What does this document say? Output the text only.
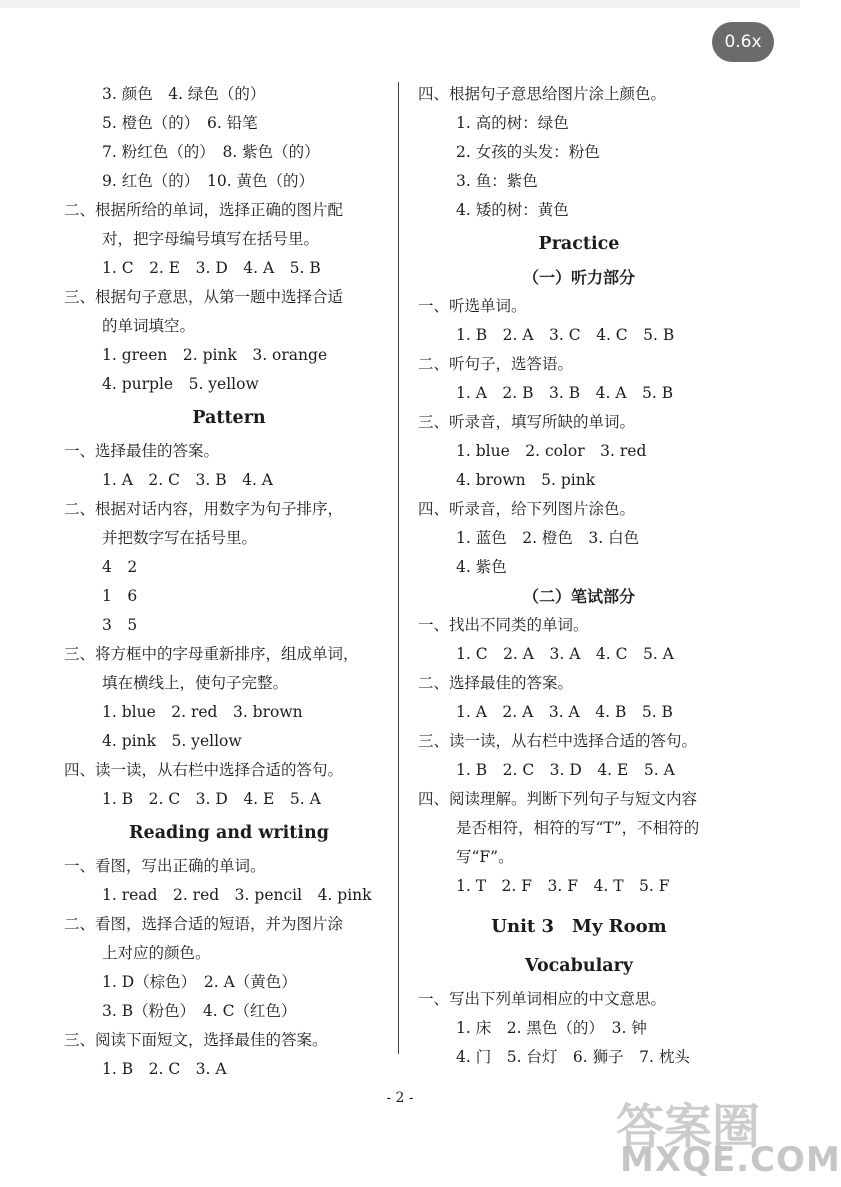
0.6x
3. 颜色　4. 绿色（的）
5. 橙色（的）　6. 铅笔
7. 粉红色（的）　8. 紫色（的）
9. 红色（的）　10. 黄色（的）
二、根据所给的单词，选择正确的图片配
对，把字母编号填写在括号里。
1. C　2. E　3. D　4. A　5. B
三、根据句子意思，从第一题中选择合适
的单词填空。
1. green　2. pink　3. orange
4. purple　5. yellow
Pattern
一、选择最佳的答案。
1. A　2. C　3. B　4. A
二、根据对话内容，用数字为句子排序，
并把数字写在括号里。
4　2
1　6
3　5
三、将方框中的字母重新排序，组成单词，
填在横线上，使句子完整。
1. blue　2. red　3. brown
4. pink　5. yellow
四、读一读，从右栏中选择合适的答句。
1. B　2. C　3. D　4. E　5. A
Reading and writing
一、看图，写出正确的单词。
1. read　2. red　3. pencil　4. pink
二、看图，选择合适的短语，并为图片涂
上对应的颜色。
1. D（棕色）　2. A（黄色）
3. B（粉色）　4. C（红色）
三、阅读下面短文，选择最佳的答案。
1. B　2. C　3. A
四、根据句子意思给图片涂上颜色。
1. 高的树：绿色
2. 女孩的头发：粉色
3. 鱼：紫色
4. 矮的树：黄色
Practice
（一）听力部分
一、听选单词。
1. B　2. A　3. C　4. C　5. B
二、听句子，选答语。
1. A　2. B　3. B　4. A　5. B
三、听录音，填写所缺的单词。
1. blue　2. color　3. red
4. brown　5. pink
四、听录音，给下列图片涂色。
1. 蓝色　2. 橙色　3. 白色
4. 紫色
（二）笔试部分
一、找出不同类的单词。
1. C　2. A　3. A　4. C　5. A
二、选择最佳的答案。
1. A　2. A　3. A　4. B　5. B
三、读一读，从右栏中选择合适的答句。
1. B　2. C　3. D　4. E　5. A
四、阅读理解。判断下列句子与短文内容
是否相符，相符的写“T”，不相符的
写“F”。
1. T　2. F　3. F　4. T　5. F
Unit 3　My Room
Vocabulary
一、写出下列单词相应的中文意思。
1. 床　2. 黑色（的）　3. 钟
4. 门　5. 台灯　6. 狮子　7. 枕头
- 2 -
答案圈
MXQE.COM
